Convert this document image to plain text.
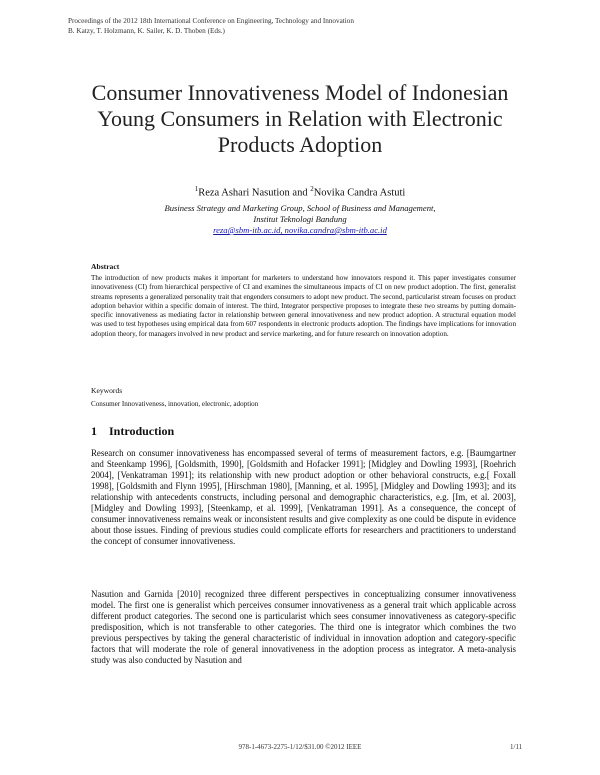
Proceedings of the 2012 18th International Conference on Engineering, Technology and Innovation
B. Katzy, T. Holzmann, K. Sailer, K. D. Thoben (Eds.)
Consumer Innovativeness Model of Indonesian
Young Consumers in Relation with Electronic
Products Adoption
$^1$Reza Ashari Nasution and $^2$Novika Candra Astuti
Business Strategy and Marketing Group, School of Business and Management,
Institut Teknologi Bandung
reza@sbm-itb.ac.id, novika.candra@sbm-itb.ac.id
Abstract
The introduction of new products makes it important for marketers to understand how innovators respond it. This paper investigates consumer innovativeness (CI) from hierarchical perspective of CI and examines the simultaneous impacts of CI on new product adoption. The first, generalist streams represents a generalized personality trait that engenders consumers to adopt new product. The second, particularist stream focuses on product adoption behavior within a specific domain of interest. The third, Integrator perspective proposes to integrate these two streams by putting domain-specific innovativeness as mediating factor in relationship between general innovativeness and new product adoption. A structural equation model was used to test hypotheses using empirical data from 607 respondents in electronic products adoption. The findings have implications for innovation adoption theory, for managers involved in new product and service marketing, and for future research on innovation adoption.
Keywords
Consumer Innovativeness, innovation, electronic, adoption
1 Introduction
Research on consumer innovativeness has encompassed several of terms of measurement factors, e.g. [Baumgartner and Steenkamp 1996], [Goldsmith, 1990], [Goldsmith and Hofacker 1991]; [Midgley and Dowling 1993], [Roehrich 2004], [Venkatraman 1991]; its relationship with new product adoption or other behavioral constructs, e.g.[ Foxall 1998], [Goldsmith and Flynn 1995], [Hirschman 1980], [Manning, et al. 1995], [Midgley and Dowling 1993]; and its relationship with antecedents constructs, including personal and demographic characteristics, e.g. [Im, et al. 2003], [Midgley and Dowling 1993], [Steenkamp, et al. 1999], [Venkatraman 1991]. As a consequence, the concept of consumer innovativeness remains weak or inconsistent results and give complexity as one could be dispute in evidence about those issues. Finding of previous studies could complicate efforts for researchers and practitioners to understand the concept of consumer innovativeness.
Nasution and Garnida [2010] recognized three different perspectives in conceptualizing consumer innovativeness model. The first one is generalist which perceives consumer innovativeness as a general trait which applicable across different product categories. The second one is particularist which sees consumer innovativeness as category-specific predisposition, which is not transferable to other categories. The third one is integrator which combines the two previous perspectives by taking the general characteristic of individual in innovation adoption and category-specific factors that will moderate the role of general innovativeness in the adoption process as integrator. A meta-analysis study was also conducted by Nasution and
978-1-4673-2275-1/12/$31.00 ©2012 IEEE	1/11
